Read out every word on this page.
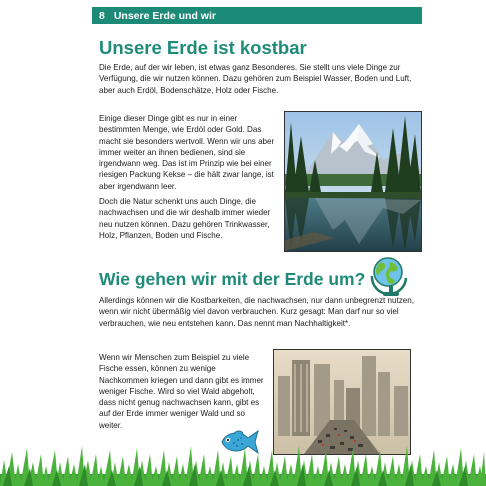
8 Unsere Erde und wir
Unsere Erde ist kostbar

Die Erde, auf der wir leben, ist etwas ganz Besonderes. Sie stellt uns viele Dinge zur Verfügung, die wir nutzen können. Dazu gehören zum Beispiel Wasser, Boden und Luft, aber auch Erdöl, Bodenschätze, Holz oder Fische.

Einige dieser Dinge gibt es nur in einer bestimmten Menge, wie Erdöl oder Gold. Das macht sie besonders wertvoll. Wenn wir uns aber immer weiter an ihnen bedienen, sind sie irgendwann weg. Das ist im Prinzip wie bei einer riesigen Packung Kekse – die hält zwar lange, ist aber irgendwann leer.

Doch die Natur schenkt uns auch Dinge, die nachwachsen und die wir deshalb immer wieder neu nutzen können. Dazu gehören Trinkwasser, Holz, Pflanzen, Boden und Fische.

Wie gehen wir mit der Erde um?

Allerdings können wir die Kostbarkeiten, die nachwachsen, nur dann unbegrenzt nutzen, wenn wir nicht übermäßig viel davon verbrauchen. Kurz gesagt: Man darf nur so viel verbrauchen, wie neu entstehen kann. Das nennt man Nachhaltigkeit*.

Wenn wir Menschen zum Beispiel zu viele Fische essen, können zu wenige Nachkommen kriegen und dann gibt es immer weniger Fische. Wird so viel Wald abgeholt, dass nicht genug nachwachsen kann, gibt es auf der Erde immer weniger Wald und so weiter.
